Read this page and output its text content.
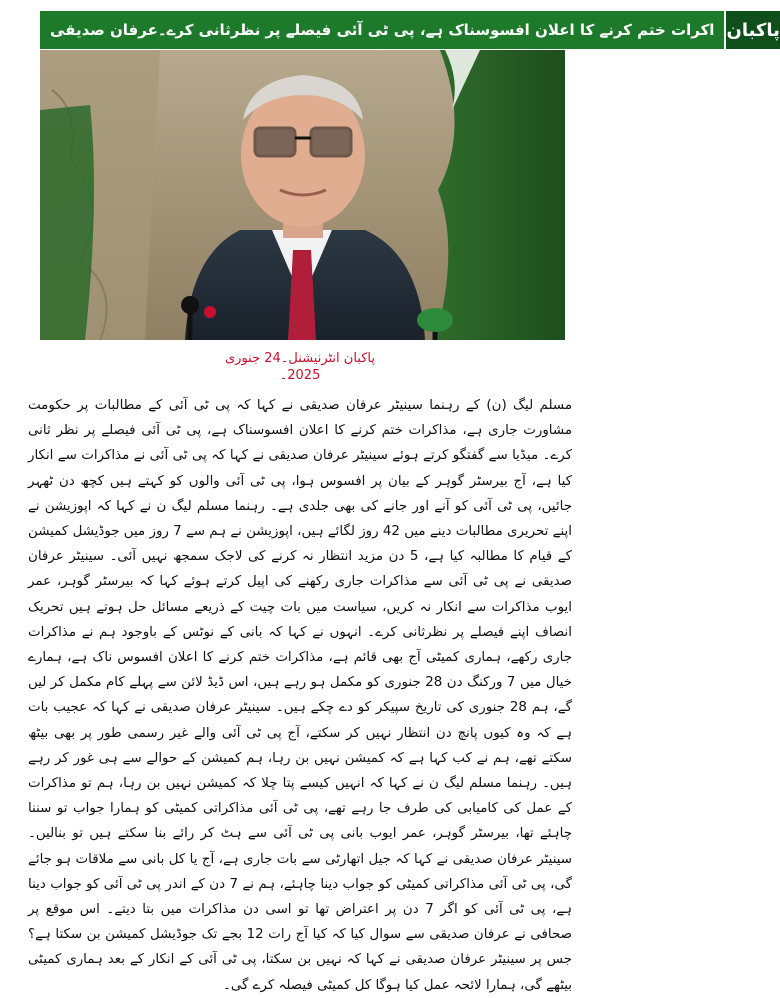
اکرات ختم کرنے کا اعلان افسوسناک ہے، پی ٹی آئی فیصلے پر نظرثانی کرے۔عرفان صدیقی پاکبان
پاکبان انٹرنیشنل۔24 جنوری
2025۔
مسلم لیگ (ن) کے رہنما سینیٹر عرفان صدیقی نے کہا کہ پی ٹی آئی کے مطالبات پر حکومت مشاورت جاری ہے، مذاکرات ختم کرنے کا اعلان افسوسناک ہے، پی ٹی آئی فیصلے پر نظر ثانی کرے۔ میڈیا سے گفتگو کرتے ہوئے سینیٹر عرفان صدیقی نے کہا کہ پی ٹی آئی نے مذاکرات سے انکار کیا ہے، آج بیرسٹر گوہر کے بیان پر افسوس ہوا، پی ٹی آئی والوں کو کہتے ہیں کچھ دن ٹھہر جائیں، پی ٹی آئی کو آنے اور جانے کی بھی جلدی ہے۔ رہنما مسلم لیگ ن نے کہا کہ اپوزیشن نے اپنے تحریری مطالبات دینے میں 42 روز لگائے ہیں، اپوزیشن نے ہم سے 7 روز میں جوڈیشل کمیشن کے قیام کا مطالبہ کیا ہے، 5 دن مزید انتظار نہ کرنے کی لاجک سمجھ نہیں آئی۔ سینیٹر عرفان صدیقی نے پی ٹی آئی سے مذاکرات جاری رکھنے کی اپیل کرتے ہوئے کہا کہ بیرسٹر گوہر، عمر ایوب مذاکرات سے انکار نہ کریں، سیاست میں بات چیت کے ذریعے مسائل حل ہوتے ہیں تحریک انصاف اپنے فیصلے پر نظرثانی کرے۔ انہوں نے کہا کہ بانی کے نوٹس کے باوجود ہم نے مذاکرات جاری رکھے، ہماری کمیٹی آج بھی قائم ہے، مذاکرات ختم کرنے کا اعلان افسوس ناک ہے، ہمارے خیال میں 7 ورکنگ دن 28 جنوری کو مکمل ہو رہے ہیں، اس ڈیڈ لائن سے پہلے کام مکمل کر لیں گے، ہم 28 جنوری کی تاریخ سپیکر کو دے چکے ہیں۔ سینیٹر عرفان صدیقی نے کہا کہ عجیب بات ہے کہ وہ کیوں پانچ دن انتظار نہیں کر سکتے، آج پی ٹی آئی والے غیر رسمی طور پر بھی بیٹھ سکتے تھے، ہم نے کب کہا ہے کہ کمیشن نہیں بن رہا، ہم کمیشن کے حوالے سے ہی غور کر رہے ہیں۔ رہنما مسلم لیگ ن نے کہا کہ انہیں کیسے پتا چلا کہ کمیشن نہیں بن رہا، ہم تو مذاکرات کے عمل کی کامیابی کی طرف جا رہے تھے، پی ٹی آئی مذاکراتی کمیٹی کو ہمارا جواب تو سننا چاہئے تھا، بیرسٹر گوہر، عمر ایوب بانی پی ٹی آئی سے ہٹ کر رائے بنا سکتے ہیں تو بنالیں۔ سینیٹر عرفان صدیقی نے کہا کہ جیل اتھارٹی سے بات جاری ہے، آج یا کل بانی سے ملاقات ہو جائے گی، پی ٹی آئی مذاکراتی کمیٹی کو جواب دینا چاہئے، ہم نے 7 دن کے اندر پی ٹی آئی کو جواب دینا ہے، پی ٹی آئی کو اگر 7 دن پر اعتراض تھا تو اسی دن مذاکرات میں بتا دیتے۔ اس موقع پر صحافی نے عرفان صدیقی سے سوال کیا کہ کیا آج رات 12 بجے تک جوڈیشل کمیشن بن سکتا ہے؟ جس پر سینیٹر عرفان صدیقی نے کہا کہ نہیں بن سکتا، پی ٹی آئی کے انکار کے بعد ہماری کمیٹی بیٹھے گی، ہمارا لائحہ عمل کیا ہوگا کل کمیٹی فیصلہ کرے گی۔
